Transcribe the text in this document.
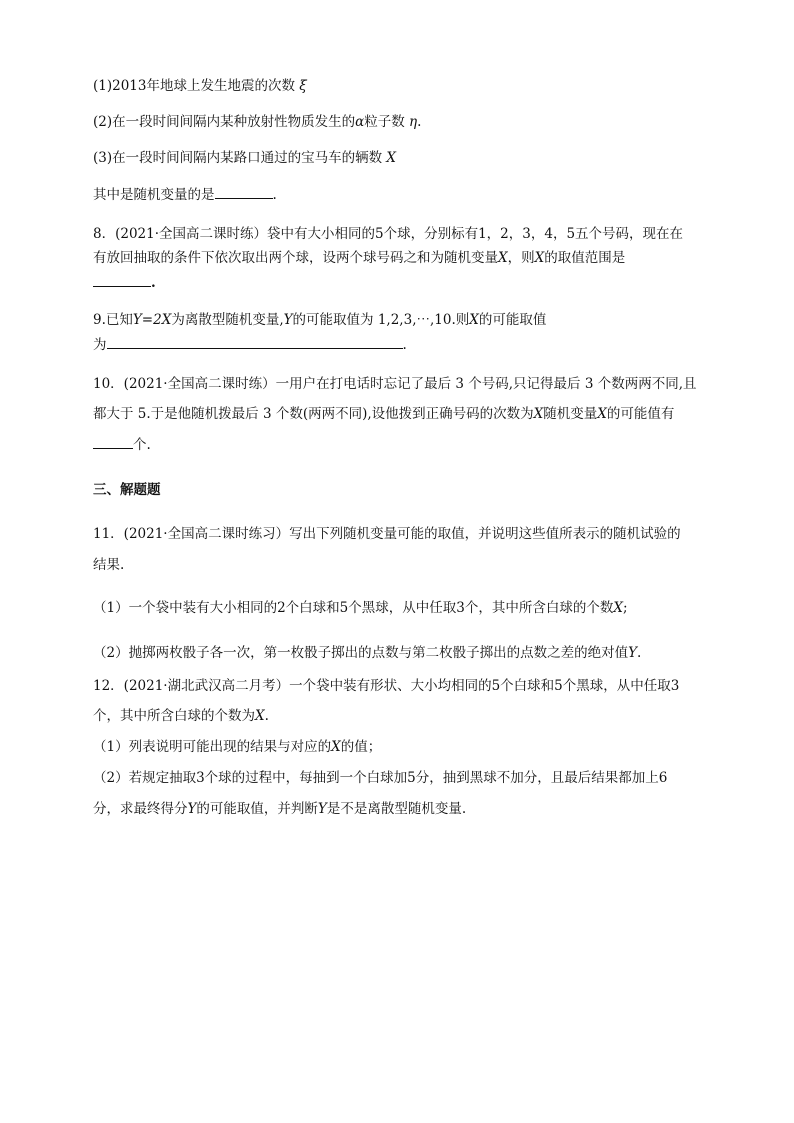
(1)2013年地球上发生地震的次数 ξ

(2)在一段时间间隔内某种放射性物质发生的α粒子数 η.

(3)在一段时间间隔内某路口通过的宝马车的辆数 X

其中是随机变量的是	.

8．(2021·全国高二课时练）袋中有大小相同的5个球，分别标有1，2，3，4，5五个号码，现在在

有放回抽取的条件下依次取出两个球，设两个球号码之和为随机变量X，则X的取值范围是

.

9.已知Y=2X为离散型随机变量,Y的可能取值为 1,2,3,⋯,10.则X的可能取值

为	.

10．(2021·全国高二课时练）一用户在打电话时忘记了最后 3 个号码,只记得最后 3 个数两两不同,且

都大于 5.于是他随机拨最后 3 个数(两两不同),设他拨到正确号码的次数为X随机变量X的可能值有

个.

三、解题题

11．(2021·全国高二课时练习）写出下列随机变量可能的取值，并说明这些值所表示的随机试验的

结果.

（1）一个袋中装有大小相同的2个白球和5个黑球，从中任取3个，其中所含白球的个数X;

（2）抛掷两枚骰子各一次，第一枚骰子掷出的点数与第二枚骰子掷出的点数之差的绝对值Y.

12．(2021·湖北武汉高二月考）一个袋中装有形状、大小均相同的5个白球和5个黑球，从中任取3

个，其中所含白球的个数为X.

（1）列表说明可能出现的结果与对应的X的值；

（2）若规定抽取3个球的过程中，每抽到一个白球加5分，抽到黑球不加分，且最后结果都加上6

分，求最终得分Y的可能取值，并判断Y是不是离散型随机变量.
